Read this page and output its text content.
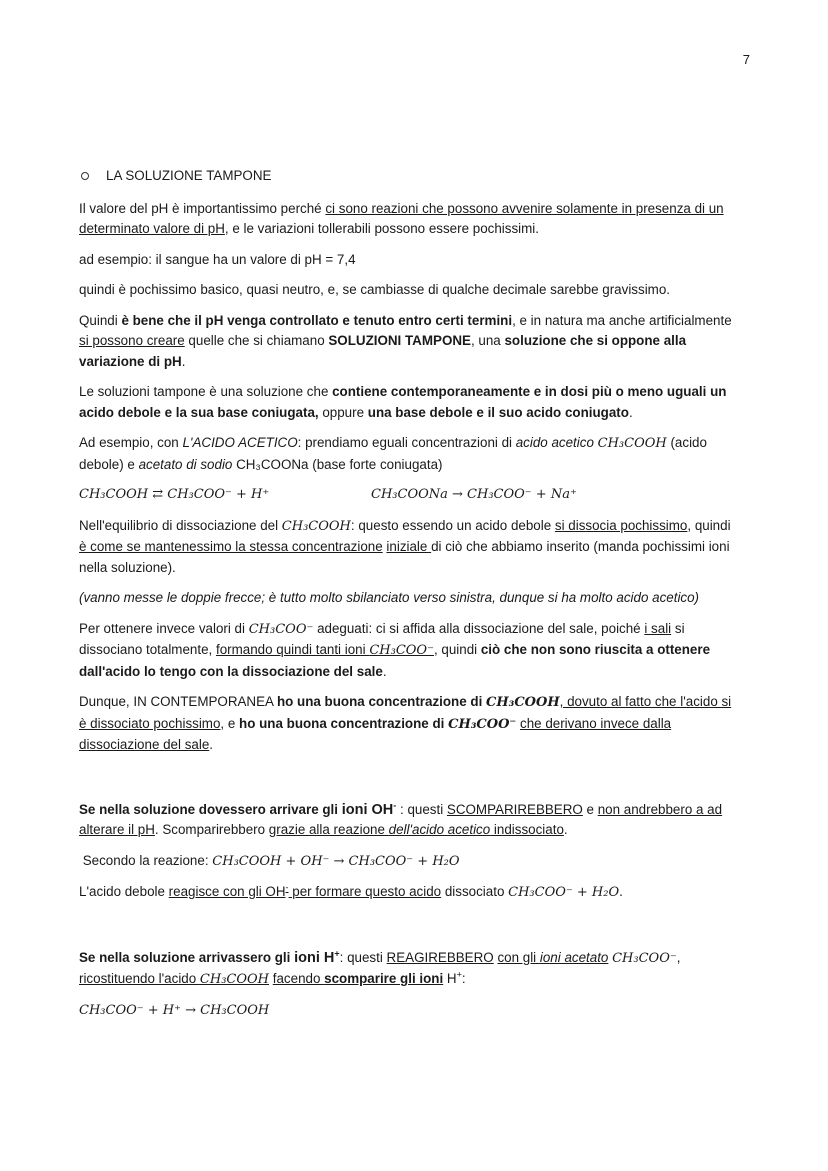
7
LA SOLUZIONE TAMPONE

Il valore del pH è importantissimo perché ci sono reazioni che possono avvenire solamente in presenza di un determinato valore di pH, e le variazioni tollerabili possono essere pochissimi.

ad esempio: il sangue ha un valore di pH = 7,4

quindi è pochissimo basico, quasi neutro, e, se cambiasse di qualche decimale sarebbe gravissimo.

Quindi è bene che il pH venga controllato e tenuto entro certi termini, e in natura ma anche artificialmente si possono creare quelle che si chiamano SOLUZIONI TAMPONE, una soluzione che si oppone alla variazione di pH.

Le soluzioni tampone è una soluzione che contiene contemporaneamente e in dosi più o meno uguali un acido debole e la sua base coniugata, oppure una base debole e il suo acido coniugato.

Ad esempio, con L'ACIDO ACETICO: prendiamo eguali concentrazioni di acido acetico CH₃COOH (acido debole) e acetato di sodio CH₃COONa (base forte coniugata)

CH₃COOH ⇄ CH₃COO⁻ + H⁺	CH₃COONa → CH₃COO⁻ + Na⁺

Nell'equilibrio di dissociazione del CH₃COOH: questo essendo un acido debole si dissocia pochissimo, quindi è come se mantenessimo la stessa concentrazione iniziale di ciò che abbiamo inserito (manda pochissimi ioni nella soluzione).

(vanno messe le doppie frecce; è tutto molto sbilanciato verso sinistra, dunque si ha molto acido acetico)

Per ottenere invece valori di CH₃COO⁻ adeguati: ci si affida alla dissociazione del sale, poiché i sali si dissociano totalmente, formando quindi tanti ioni CH₃COO⁻, quindi ciò che non sono riuscita a ottenere dall'acido lo tengo con la dissociazione del sale.

Dunque, IN CONTEMPORANEA ho una buona concentrazione di CH₃COOH, dovuto al fatto che l'acido si è dissociato pochissimo, e ho una buona concentrazione di CH₃COO⁻ che derivano invece dalla dissociazione del sale.

Se nella soluzione dovessero arrivare gli ioni OH- : questi SCOMPARIREBBERO e non andrebbero a ad alterare il pH. Scomparirebbero grazie alla reazione dell'acido acetico indissociato.

Secondo la reazione: CH₃COOH + OH⁻ → CH₃COO⁻ + H₂O

L'acido debole reagisce con gli OH- per formare questo acido dissociato CH₃COO⁻ + H₂O.

Se nella soluzione arrivassero gli ioni H+: questi REAGIREBBERO con gli ioni acetato CH₃COO⁻,
ricostituendo l'acido CH₃COOH facendo scomparire gli ioni H+:

CH₃COO⁻ + H⁺ → CH₃COOH
